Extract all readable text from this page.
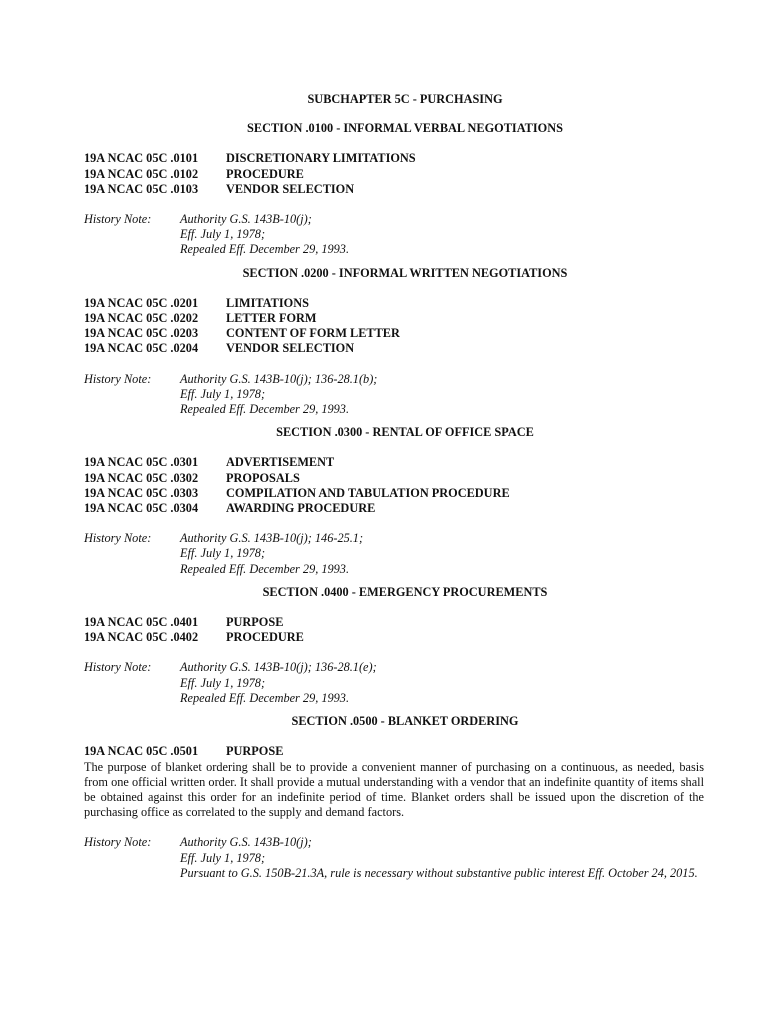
SUBCHAPTER 5C - PURCHASING
SECTION .0100 - INFORMAL VERBAL NEGOTIATIONS
19A NCAC 05C .0101	DISCRETIONARY LIMITATIONS
19A NCAC 05C .0102	PROCEDURE
19A NCAC 05C .0103	VENDOR SELECTION
History Note:	Authority G.S. 143B-10(j);
Eff. July 1, 1978;
Repealed Eff. December 29, 1993.
SECTION .0200 - INFORMAL WRITTEN NEGOTIATIONS
19A NCAC 05C .0201	LIMITATIONS
19A NCAC 05C .0202	LETTER FORM
19A NCAC 05C .0203	CONTENT OF FORM LETTER
19A NCAC 05C .0204	VENDOR SELECTION
History Note:	Authority G.S. 143B-10(j); 136-28.1(b);
Eff. July 1, 1978;
Repealed Eff. December 29, 1993.
SECTION .0300 - RENTAL OF OFFICE SPACE
19A NCAC 05C .0301	ADVERTISEMENT
19A NCAC 05C .0302	PROPOSALS
19A NCAC 05C .0303	COMPILATION AND TABULATION PROCEDURE
19A NCAC 05C .0304	AWARDING PROCEDURE
History Note:	Authority G.S. 143B-10(j); 146-25.1;
Eff. July 1, 1978;
Repealed Eff. December 29, 1993.
SECTION .0400 - EMERGENCY PROCUREMENTS
19A NCAC 05C .0401	PURPOSE
19A NCAC 05C .0402	PROCEDURE
History Note:	Authority G.S. 143B-10(j); 136-28.1(e);
Eff. July 1, 1978;
Repealed Eff. December 29, 1993.
SECTION .0500 - BLANKET ORDERING
19A NCAC 05C .0501	PURPOSE
The purpose of blanket ordering shall be to provide a convenient manner of purchasing on a continuous, as needed, basis from one official written order. It shall provide a mutual understanding with a vendor that an indefinite quantity of items shall be obtained against this order for an indefinite period of time. Blanket orders shall be issued upon the discretion of the purchasing office as correlated to the supply and demand factors.
History Note:	Authority G.S. 143B-10(j);
Eff. July 1, 1978;
Pursuant to G.S. 150B-21.3A, rule is necessary without substantive public interest Eff. October 24, 2015.
